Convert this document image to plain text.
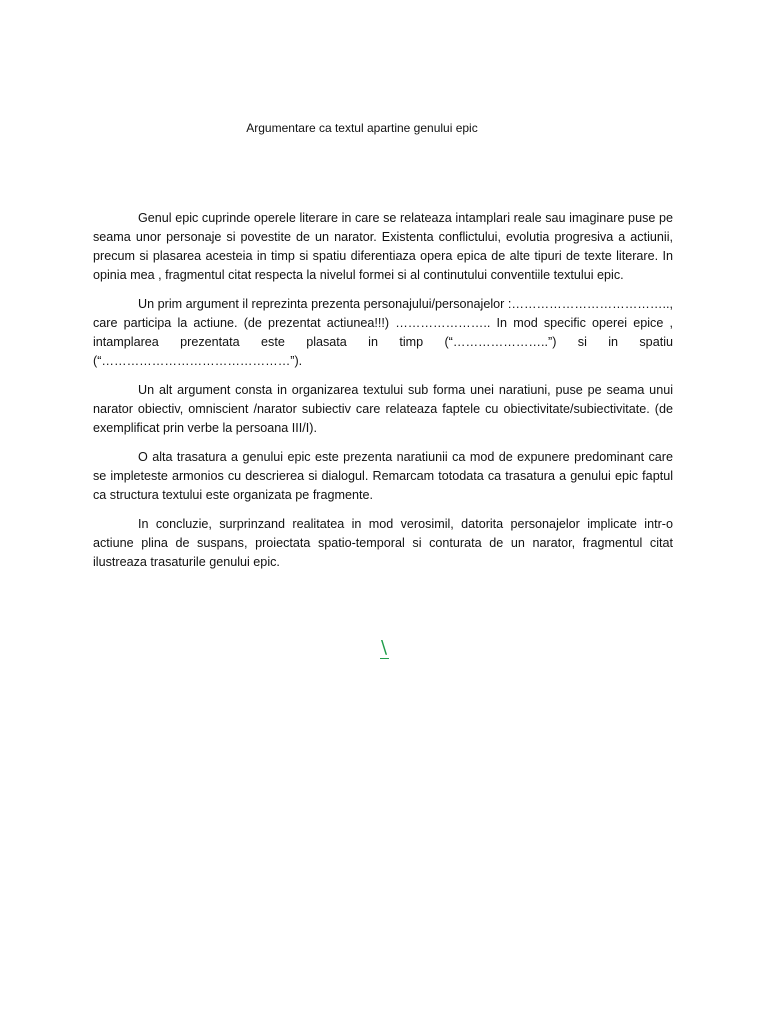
Argumentare ca textul apartine genului epic

Genul epic cuprinde operele literare in care se relateaza intamplari reale sau imaginare puse pe seama unor personaje si povestite de un narator. Existenta conflictului, evolutia progresiva a actiunii, precum si plasarea acesteia in timp si spatiu diferentiaza opera epica de alte tipuri de texte literare. In opinia mea , fragmentul citat respecta la nivelul formei si al continutului conventiile textului epic.

Un prim argument il reprezinta prezenta personajului/personajelor :……………………………….., care participa la actiune. (de prezentat actiunea!!!) ………………….. In mod specific operei epice , intamplarea prezentata este plasata in timp (“…………………..”) si in spatiu (“………………………………………”).

Un alt argument consta in organizarea textului sub forma unei naratiuni, puse pe seama unui narator obiectiv, omniscient /narator subiectiv care relateaza faptele cu obiectivitate/subiectivitate. (de exemplificat prin verbe la persoana III/I).

O alta trasatura a genului epic este prezenta naratiunii ca mod de expunere predominant care se impleteste armonios cu descrierea si dialogul. Remarcam totodata ca trasatura a genului epic faptul ca structura textului este organizata pe fragmente.

In concluzie, surprinzand realitatea in mod verosimil, datorita personajelor implicate intr-o actiune plina de suspans, proiectata spatio-temporal si conturata de un narator, fragmentul citat ilustreaza trasaturile genului epic.

\
